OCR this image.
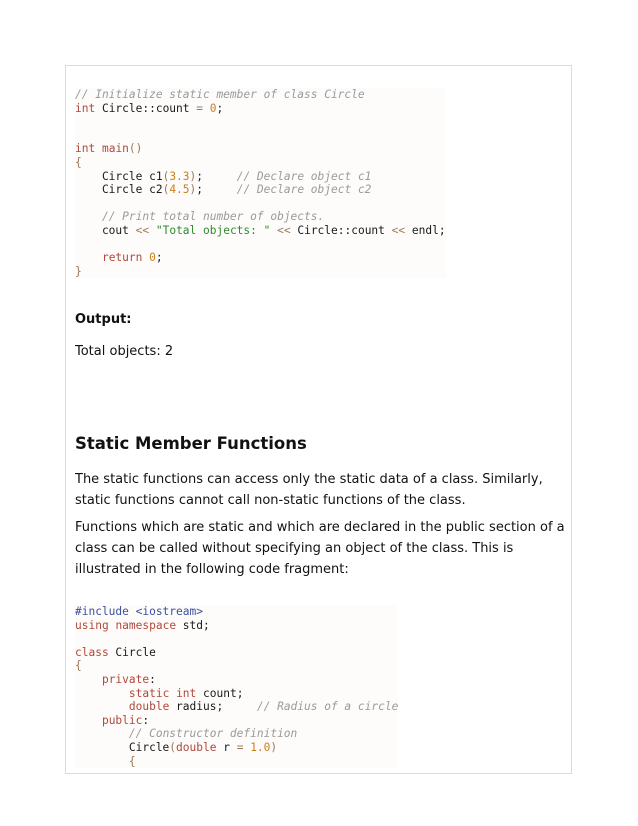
// Initialize static member of class Circle
int Circle::count = 0;

int main()
{
Circle c1(3.3);     // Declare object c1
Circle c2(4.5);     // Declare object c2

// Print total number of objects.
cout << "Total objects: " << Circle::count << endl;

return 0;
}

Output:

Total objects: 2

Static Member Functions

The static functions can access only the static data of a class. Similarly, static functions cannot call non-static functions of the class.

Functions which are static and which are declared in the public section of a class can be called without specifying an object of the class. This is illustrated in the following code fragment:

#include <iostream>
using namespace std;

class Circle
{
private:
static int count;
double radius;     // Radius of a circle
public:
// Constructor definition
Circle(double r = 1.0)
{
